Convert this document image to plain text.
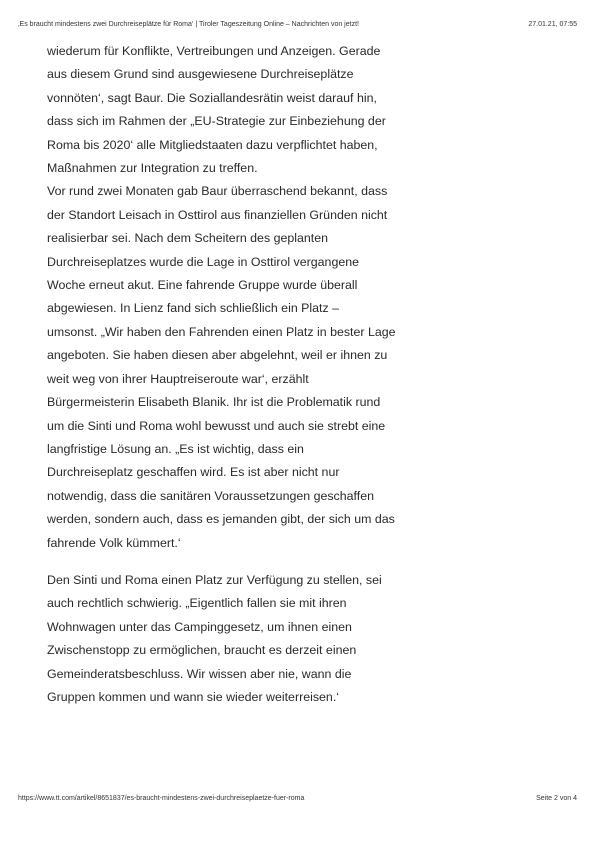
‚Es braucht mindestens zwei Durchreiseplätze für Roma‘ | Tiroler Tageszeitung Online – Nachrichten von jetzt!	27.01.21, 07:55

wiederum für Konflikte, Vertreibungen und Anzeigen. Gerade
aus diesem Grund sind ausgewiesene Durchreiseplätze
vonnöten‘, sagt Baur. Die Soziallandesrätin weist darauf hin,
dass sich im Rahmen der „EU-Strategie zur Einbeziehung der
Roma bis 2020‘ alle Mitgliedstaaten dazu verpflichtet haben,
Maßnahmen zur Integration zu treffen.

Vor rund zwei Monaten gab Baur überraschend bekannt, dass
der Standort Leisach in Osttirol aus finanziellen Gründen nicht
realisierbar sei. Nach dem Scheitern des geplanten
Durchreiseplatzes wurde die Lage in Osttirol vergangene
Woche erneut akut. Eine fahrende Gruppe wurde überall
abgewiesen. In Lienz fand sich schließlich ein Platz –
umsonst. „Wir haben den Fahrenden einen Platz in bester Lage
angeboten. Sie haben diesen aber abgelehnt, weil er ihnen zu
weit weg von ihrer Hauptreiseroute war‘, erzählt
Bürgermeisterin Elisabeth Blanik. Ihr ist die Problematik rund
um die Sinti und Roma wohl bewusst und auch sie strebt eine
langfristige Lösung an. „Es ist wichtig, dass ein
Durchreiseplatz geschaffen wird. Es ist aber nicht nur
notwendig, dass die sanitären Voraussetzungen geschaffen
werden, sondern auch, dass es jemanden gibt, der sich um das
fahrende Volk kümmert.‘

Den Sinti und Roma einen Platz zur Verfügung zu stellen, sei
auch rechtlich schwierig. „Eigentlich fallen sie mit ihren
Wohnwagen unter das Campinggesetz, um ihnen einen
Zwischenstopp zu ermöglichen, braucht es derzeit einen
Gemeinderatsbeschluss. Wir wissen aber nie, wann die
Gruppen kommen und wann sie wieder weiterreisen.‘

https://www.tt.com/artikel/8651837/es-braucht-mindestens-zwei-durchreiseplaetze-fuer-roma	Seite 2 von 4
